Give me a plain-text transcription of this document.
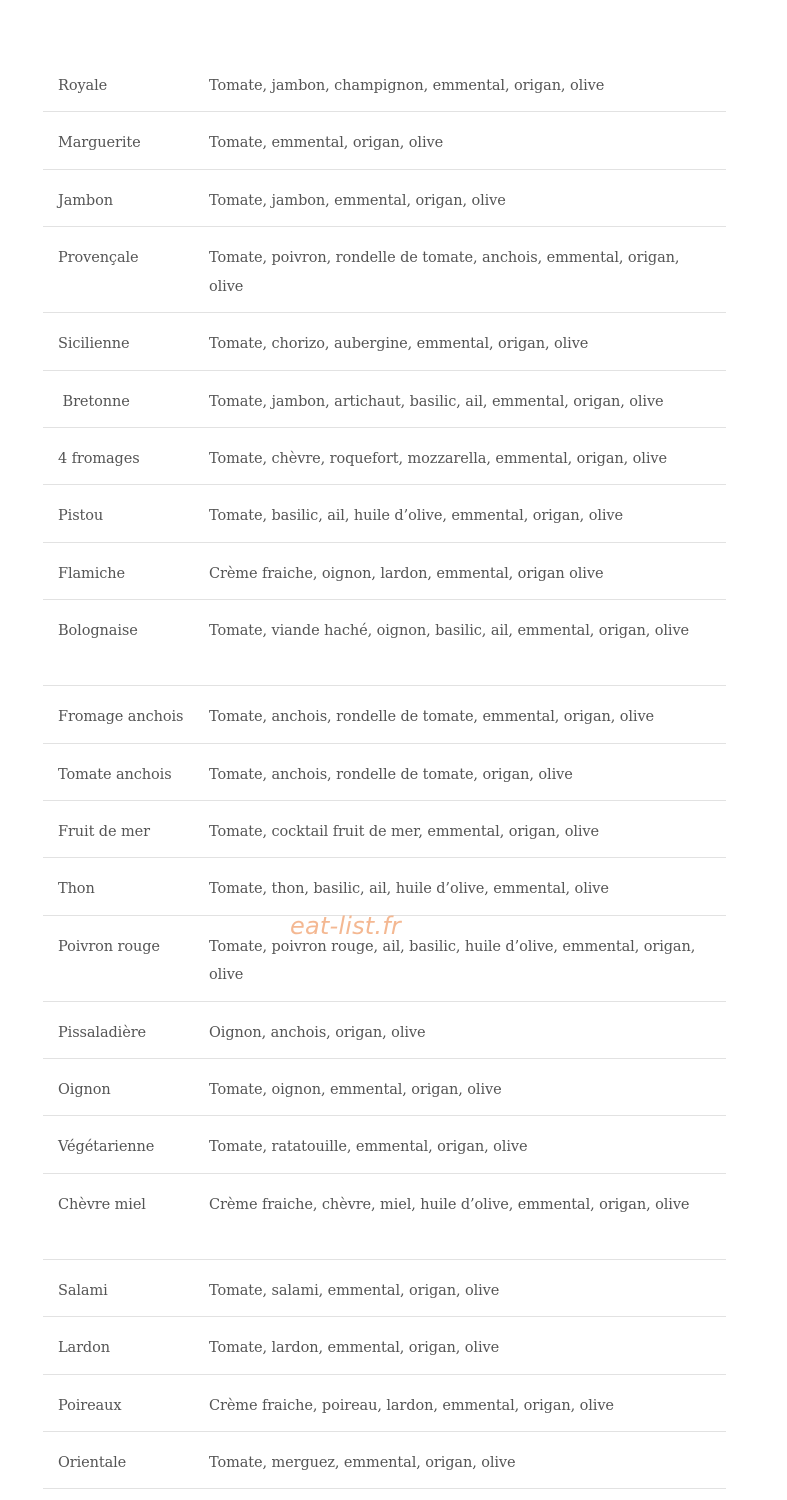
Royale	Tomate, jambon, champignon, emmental, origan, olive
Marguerite	Tomate, emmental, origan, olive
Jambon	Tomate, jambon, emmental, origan, olive
Provençale	Tomate, poivron, rondelle de tomate, anchois, emmental, origan, olive
Sicilienne	Tomate, chorizo, aubergine, emmental, origan, olive
Bretonne	Tomate, jambon, artichaut, basilic, ail, emmental, origan, olive
4 fromages	Tomate, chèvre, roquefort, mozzarella, emmental, origan, olive
Pistou	Tomate, basilic, ail, huile d’olive, emmental, origan, olive
Flamiche	Crème fraiche, oignon, lardon, emmental, origan olive
Bolognaise	Tomate, viande haché, oignon, basilic, ail, emmental, origan, olive
Fromage anchois	Tomate, anchois, rondelle de tomate, emmental, origan, olive
Tomate anchois	Tomate, anchois, rondelle de tomate, origan, olive
Fruit de mer	Tomate, cocktail fruit de mer, emmental, origan, olive
Thon	Tomate, thon, basilic, ail, huile d’olive, emmental, olive
Poivron rouge	Tomate, poivron rouge, ail, basilic, huile d’olive, emmental, origan, olive
Pissaladière	Oignon, anchois, origan, olive
Oignon	Tomate, oignon, emmental, origan, olive
Végétarienne	Tomate, ratatouille, emmental, origan, olive
Chèvre miel	Crème fraiche, chèvre, miel, huile d’olive, emmental, origan, olive
Salami	Tomate, salami, emmental, origan, olive
Lardon	Tomate, lardon, emmental, origan, olive
Poireaux	Crème fraiche, poireau, lardon, emmental, origan, olive
Orientale	Tomate, merguez, emmental, origan, olive
eat-list.fr
